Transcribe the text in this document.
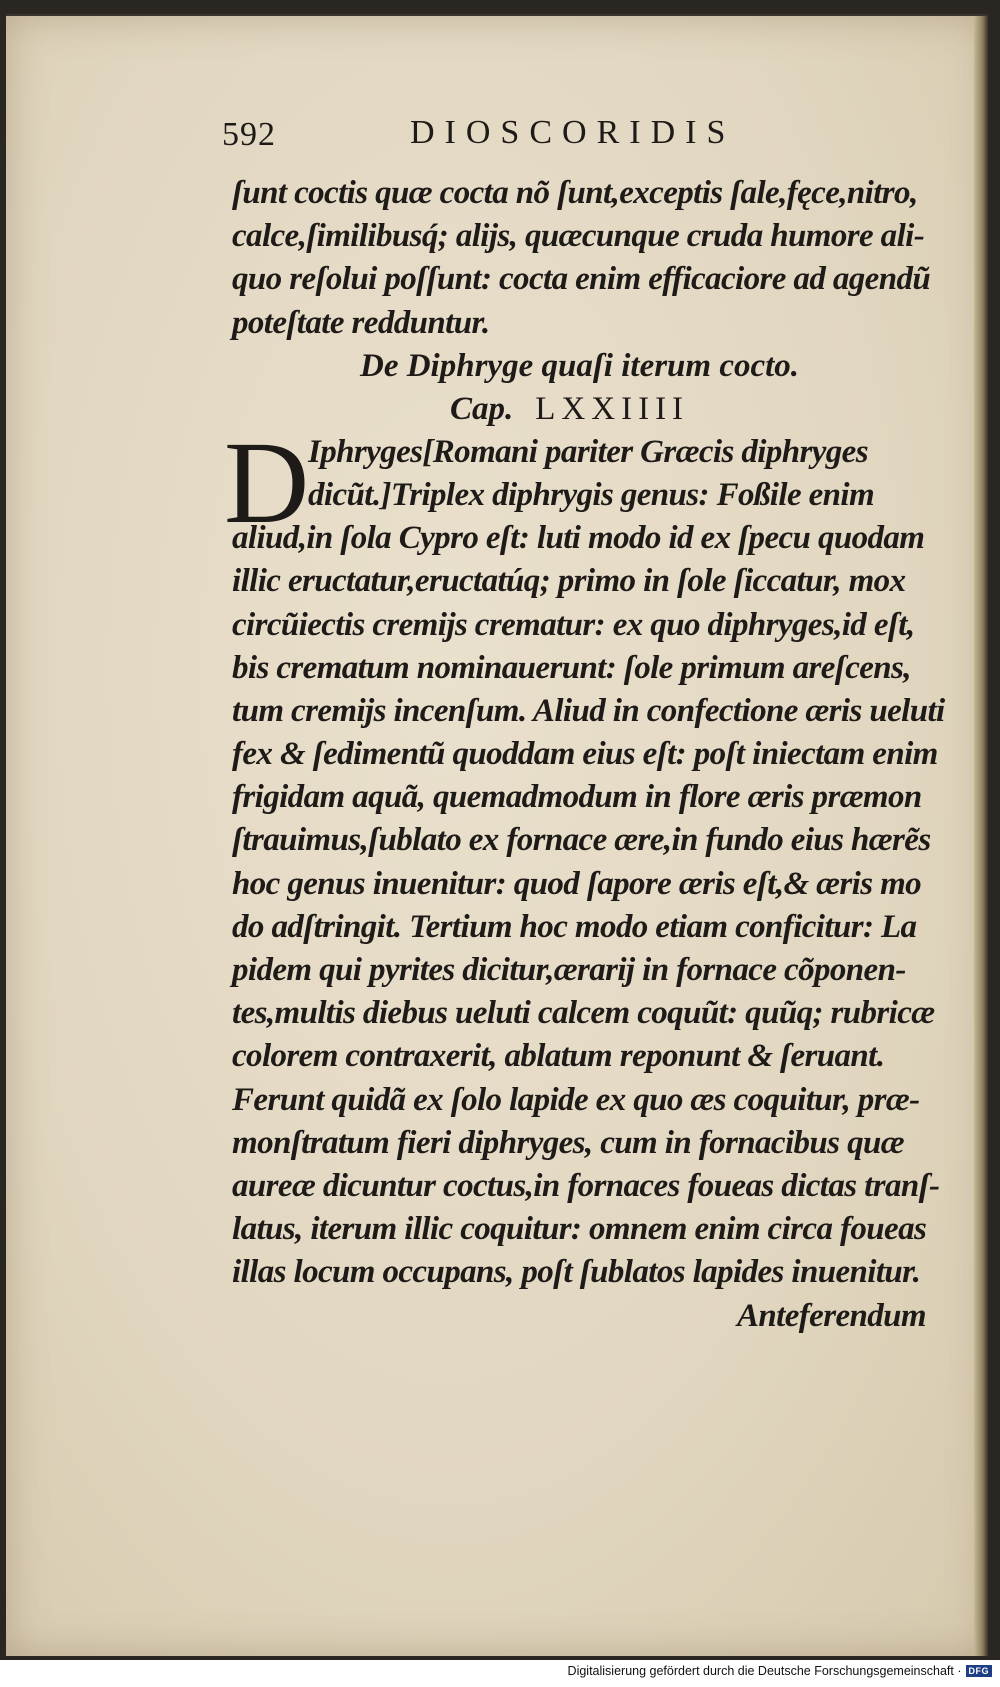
592	DIOSCORIDIS
ſunt coctis quæ cocta nõ ſunt,exceptis ſale,fęce,nitro,
calce,ſimilibusq́; alijs, quæcunque cruda humore ali-
quo reſolui poſſunt: cocta enim efficaciore ad agendũ
poteſtate redduntur.
De Diphryge quaſi iterum cocto.
Cap. LXXIIII
D
Iphryges[Romani pariter Græcis diphryges
dicũt.]Triplex diphrygis genus: Foßile enim
aliud,in ſola Cypro eſt: luti modo id ex ſpecu quodam
illic eructatur,eructatúq; primo in ſole ſiccatur, mox
circũiectis cremijs crematur: ex quo diphryges,id eſt,
bis crematum nominauerunt: ſole primum areſcens,
tum cremijs incenſum. Aliud in confectione æris ueluti
fex & ſedimentũ quoddam eius eſt: poſt iniectam enim
frigidam aquã, quemadmodum in flore æris præmon
ſtrauimus,ſublato ex fornace ære,in fundo eius hærẽs
hoc genus inuenitur: quod ſapore æris eſt,& æris mo
do adſtringit. Tertium hoc modo etiam conficitur: La
pidem qui pyrites dicitur,ærarij in fornace cõponen-
tes,multis diebus ueluti calcem coquũt: quũq; rubricæ
colorem contraxerit, ablatum reponunt & ſeruant.
Ferunt quidã ex ſolo lapide ex quo æs coquitur, præ-
monſtratum fieri diphryges, cum in fornacibus quæ
aureæ dicuntur coctus,in fornaces foueas dictas tranſ-
latus, iterum illic coquitur: omnem enim circa foueas
illas locum occupans, poſt ſublatos lapides inuenitur.
Anteferendum
Digitalisierung gefördert durch die Deutsche Forschungsgemeinschaft · DFG
